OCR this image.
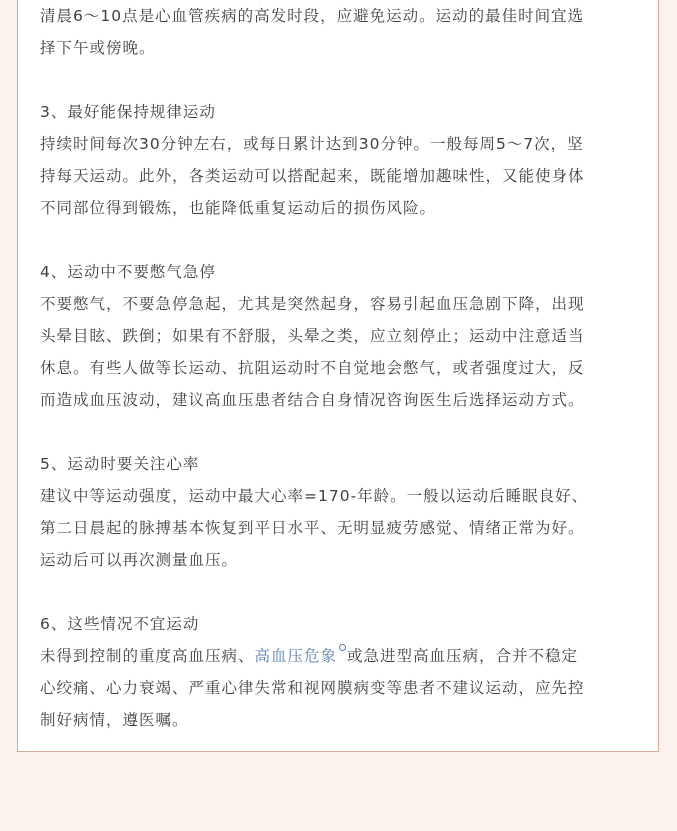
清晨6～10点是心血管疾病的高发时段，应避免运动。运动的最佳时间宜选
择下午或傍晚。
3、最好能保持规律运动
持续时间每次30分钟左右，或每日累计达到30分钟。一般每周5～7次，坚
持每天运动。此外，各类运动可以搭配起来，既能增加趣味性，又能使身体
不同部位得到锻炼，也能降低重复运动后的损伤风险。
4、运动中不要憋气急停
不要憋气，不要急停急起，尤其是突然起身，容易引起血压急剧下降，出现
头晕目眩、跌倒；如果有不舒服，头晕之类，应立刻停止；运动中注意适当
休息。有些人做等长运动、抗阻运动时不自觉地会憋气，或者强度过大，反
而造成血压波动，建议高血压患者结合自身情况咨询医生后选择运动方式。
5、运动时要关注心率
建议中等运动强度，运动中最大心率=170-年龄。一般以运动后睡眠良好、
第二日晨起的脉搏基本恢复到平日水平、无明显疲劳感觉、情绪正常为好。
运动后可以再次测量血压。
6、这些情况不宜运动
未得到控制的重度高血压病、高血压危象 或急进型高血压病，合并不稳定
心绞痛、心力衰竭、严重心律失常和视网膜病变等患者不建议运动，应先控
制好病情，遵医嘱。
